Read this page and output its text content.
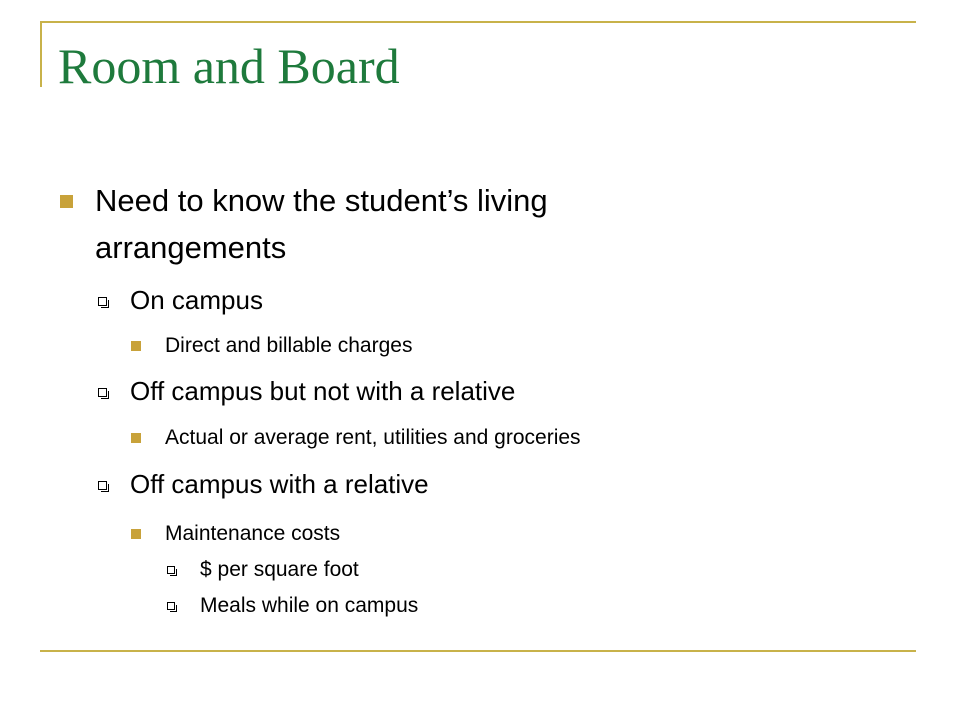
Room and Board

Need to know the student’s living

arrangements

On campus

Direct and billable charges

Off campus but not with a relative

Actual or average rent, utilities and groceries

Off campus with a relative

Maintenance costs

$ per square foot

Meals while on campus
